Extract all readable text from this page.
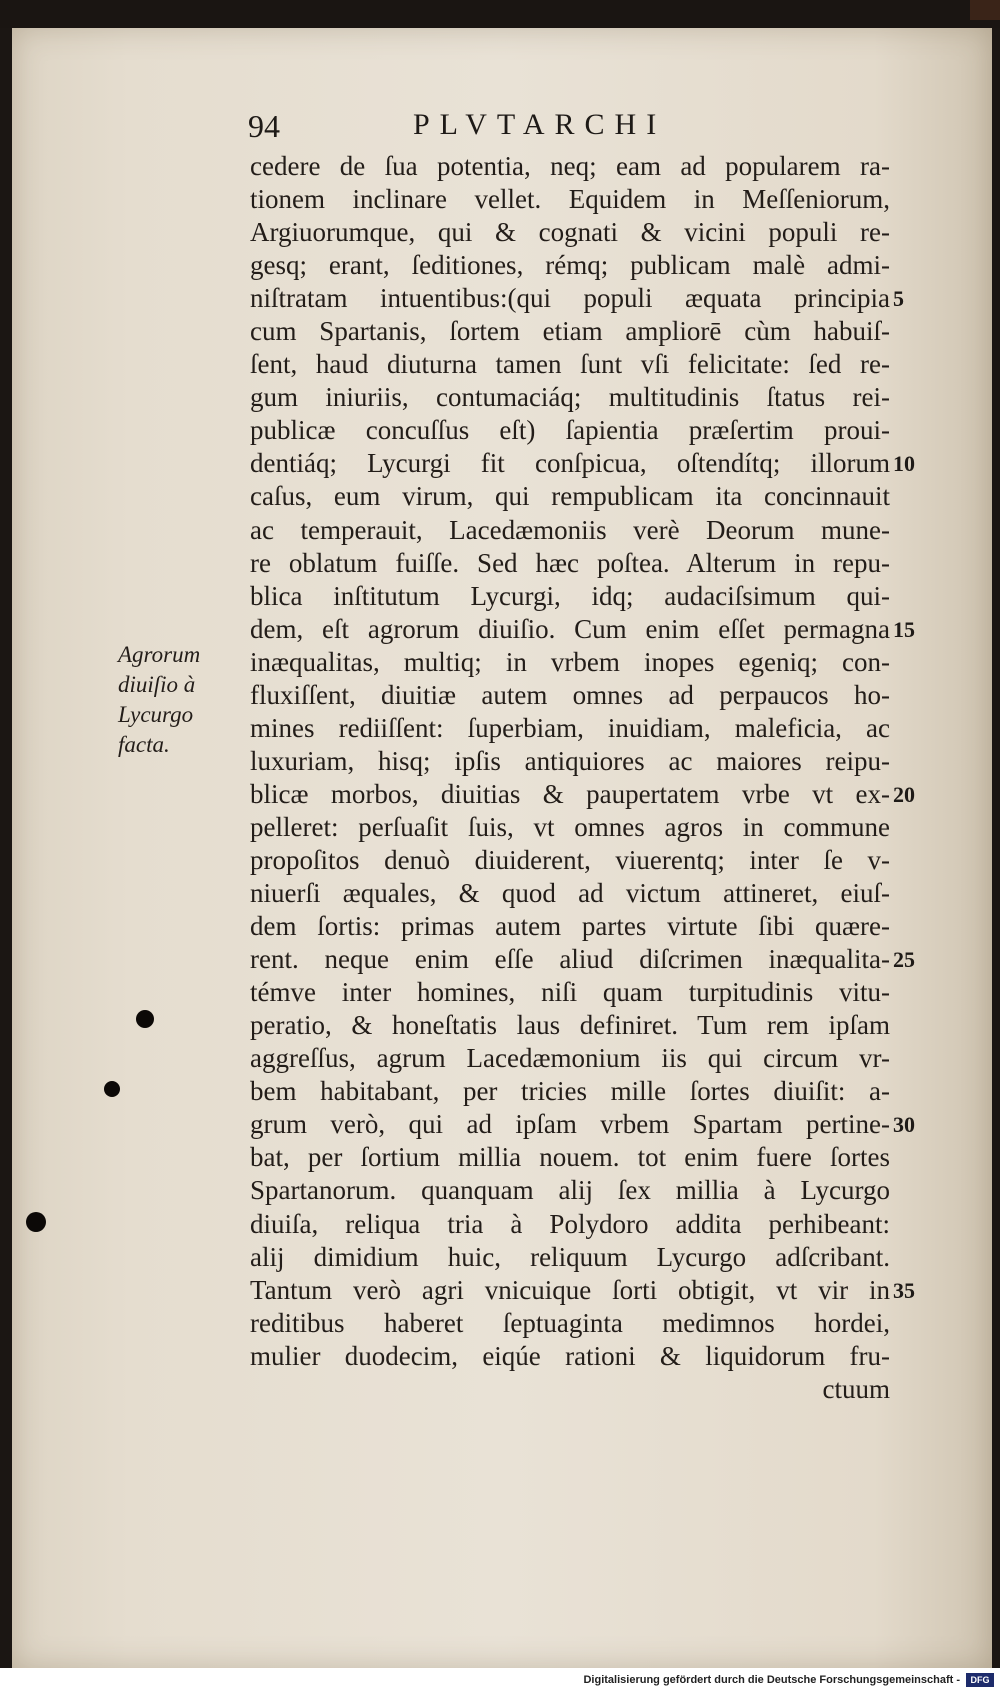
94	PLVTARCHI
Agrorum
diuiſio à
Lycurgo
facta.
cedere de ſua potentia, neq; eam ad popularem ra-
tionem inclinare vellet. Equidem in Meſſeniorum,
Argiuorumque, qui & cognati & vicini populi re-
gesq; erant, ſeditiones, rémq; publicam malè admi-
niſtratam intuentibus:(qui populi æquata principia
cum Spartanis, ſortem etiam ampliorē cùm habuiſ-
ſent, haud diuturna tamen ſunt vſi felicitate: ſed re-
gum iniuriis, contumaciáq; multitudinis ſtatus rei-
publicæ concuſſus eſt) ſapientia præſertim proui-
dentiáq; Lycurgi fit conſpicua, oſtendítq; illorum
caſus, eum virum, qui rempublicam ita concinnauit
ac temperauit, Lacedæmoniis verè Deorum mune-
re oblatum fuiſſe. Sed hæc poſtea. Alterum in repu-
blica inſtitutum Lycurgi, idq; audaciſsimum qui-
dem, eſt agrorum diuiſio. Cum enim eſſet permagna
inæqualitas, multiq; in vrbem inopes egeniq; con-
fluxiſſent, diuitiæ autem omnes ad perpaucos ho-
mines rediiſſent: ſuperbiam, inuidiam, maleficia, ac
luxuriam, hisq; ipſis antiquiores ac maiores reipu-
blicæ morbos, diuitias & paupertatem vrbe vt ex-
pelleret: perſuaſit ſuis, vt omnes agros in commune
propoſitos denuò diuiderent, viuerentq; inter ſe v-
niuerſi æquales, & quod ad victum attineret, eiuſ-
dem ſortis: primas autem partes virtute ſibi quære-
rent. neque enim eſſe aliud diſcrimen inæqualita-
témve inter homines, niſi quam turpitudinis vitu-
peratio, & honeſtatis laus definiret. Tum rem ipſam
aggreſſus, agrum Lacedæmonium iis qui circum vr-
bem habitabant, per tricies mille ſortes diuiſit: a-
grum verò, qui ad ipſam vrbem Spartam pertine-
bat, per ſortium millia nouem. tot enim fuere ſortes
Spartanorum. quanquam alij ſex millia à Lycurgo
diuiſa, reliqua tria à Polydoro addita perhibeant:
alij dimidium huic, reliquum Lycurgo adſcribant.
Tantum verò agri vnicuique ſorti obtigit, vt vir in
reditibus haberet ſeptuaginta medimnos hordei,
mulier duodecim, eiqúe rationi & liquidorum fru-
ctuum
5
10
15
20
25
30
35
Digitalisierung gefördert durch die Deutsche Forschungsgemeinschaft -	DFG
